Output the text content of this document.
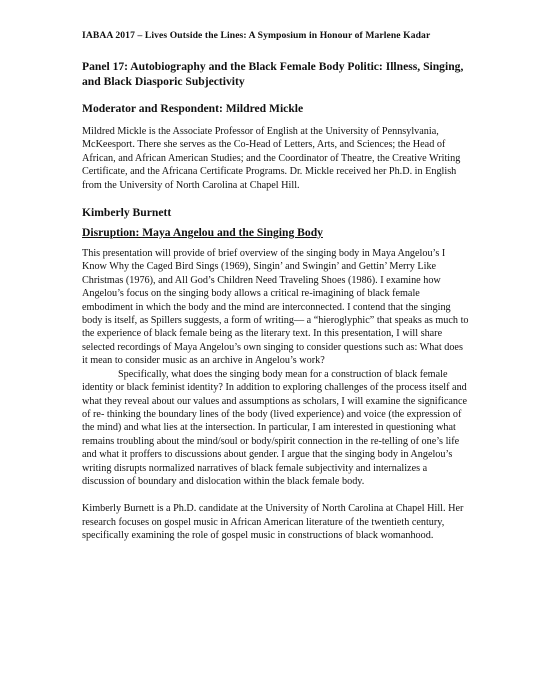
IABAA 2017 – Lives Outside the Lines: A Symposium in Honour of Marlene Kadar
Panel 17: Autobiography and the Black Female Body Politic: Illness, Singing, and Black Diasporic Subjectivity
Moderator and Respondent: Mildred Mickle

Mildred Mickle is the Associate Professor of English at the University of Pennsylvania, McKeesport. There she serves as the Co-Head of Letters, Arts, and Sciences; the Head of African, and African American Studies; and the Coordinator of Theatre, the Creative Writing Certificate, and the Africana Certificate Programs. Dr. Mickle received her Ph.D. in English from the University of North Carolina at Chapel Hill.

Kimberly Burnett
Disruption: Maya Angelou and the Singing Body

This presentation will provide of brief overview of the singing body in Maya Angelou’s I Know Why the Caged Bird Sings (1969), Singin’ and Swingin’ and Gettin’ Merry Like Christmas (1976), and All God’s Children Need Traveling Shoes (1986). I examine how Angelou’s focus on the singing body allows a critical re-imagining of black female embodiment in which the body and the mind are interconnected. I contend that the singing body is itself, as Spillers suggests, a form of writing— a “hieroglyphic” that speaks as much to the experience of black female being as the literary text. In this presentation, I will share selected recordings of Maya Angelou’s own singing to consider questions such as: What does it mean to consider music as an archive in Angelou’s work?

Specifically, what does the singing body mean for a construction of black female identity or black feminist identity? In addition to exploring challenges of the process itself and what they reveal about our values and assumptions as scholars, I will examine the significance of re- thinking the boundary lines of the body (lived experience) and voice (the expression of the mind) and what lies at the intersection. In particular, I am interested in questioning what remains troubling about the mind/soul or body/spirit connection in the re-telling of one’s life and what it proffers to discussions about gender. I argue that the singing body in Angelou’s writing disrupts normalized narratives of black female subjectivity and internalizes a discussion of boundary and dislocation within the black female body.

Kimberly Burnett is a Ph.D. candidate at the University of North Carolina at Chapel Hill. Her research focuses on gospel music in African American literature of the twentieth century, specifically examining the role of gospel music in constructions of black womanhood.
